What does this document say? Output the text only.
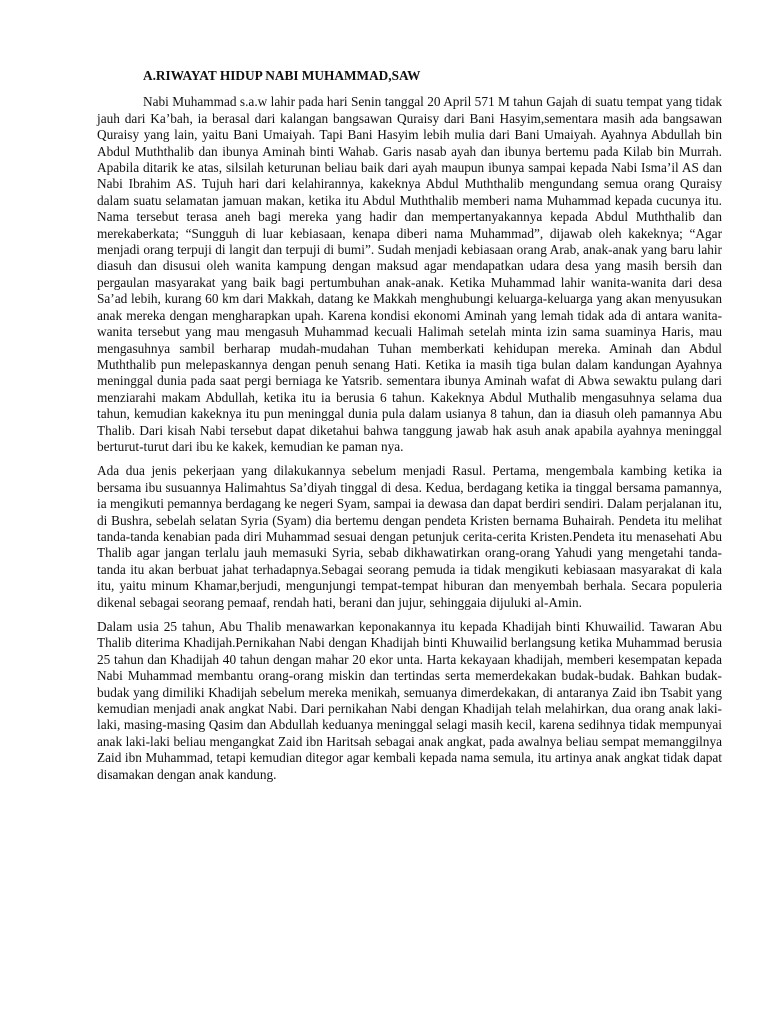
A.RIWAYAT HIDUP NABI MUHAMMAD,SAW

Nabi Muhammad s.a.w lahir pada hari Senin tanggal 20 April 571 M tahun Gajah di suatu tempat yang tidak jauh dari Ka’bah, ia berasal dari kalangan bangsawan Quraisy dari Bani Hasyim,sementara masih ada bangsawan Quraisy yang lain, yaitu Bani Umaiyah. Tapi Bani Hasyim lebih mulia dari Bani Umaiyah. Ayahnya Abdullah bin Abdul Muththalib dan ibunya Aminah binti Wahab. Garis nasab ayah dan ibunya bertemu pada Kilab bin Murrah. Apabila ditarik ke atas, silsilah keturunan beliau baik dari ayah maupun ibunya sampai kepada Nabi Isma’il AS dan Nabi Ibrahim AS. Tujuh hari dari kelahirannya, kakeknya Abdul Muththalib mengundang semua orang Quraisy dalam suatu selamatan jamuan makan, ketika itu Abdul Muththalib memberi nama Muhammad kepada cucunya itu. Nama tersebut terasa aneh bagi mereka yang hadir dan mempertanyakannya kepada Abdul Muththalib dan merekaberkata; “Sungguh di luar kebiasaan, kenapa diberi nama Muhammad”, dijawab oleh kakeknya; “Agar menjadi orang terpuji di langit dan terpuji di bumi”. Sudah menjadi kebiasaan orang Arab, anak-anak yang baru lahir diasuh dan disusui oleh wanita kampung dengan maksud agar mendapatkan udara desa yang masih bersih dan pergaulan masyarakat yang baik bagi pertumbuhan anak-anak. Ketika Muhammad lahir wanita-wanita dari desa Sa’ad lebih, kurang 60 km dari Makkah, datang ke Makkah menghubungi keluarga-keluarga yang akan menyusukan anak mereka dengan mengharapkan upah. Karena kondisi ekonomi Aminah yang lemah tidak ada di antara wanita-wanita tersebut yang mau mengasuh Muhammad kecuali Halimah setelah minta izin sama suaminya Haris, mau mengasuhnya sambil berharap mudah-mudahan Tuhan memberkati kehidupan mereka. Aminah dan Abdul Muththalib pun melepaskannya dengan penuh senang Hati. Ketika ia masih tiga bulan dalam kandungan Ayahnya meninggal dunia pada saat pergi berniaga ke Yatsrib. sementara ibunya Aminah wafat di Abwa sewaktu pulang dari menziarahi makam Abdullah, ketika itu ia berusia 6 tahun. Kakeknya Abdul Muthalib mengasuhnya selama dua tahun, kemudian kakeknya itu pun meninggal dunia pula dalam usianya 8 tahun, dan ia diasuh oleh pamannya Abu Thalib. Dari kisah Nabi tersebut dapat diketahui bahwa tanggung jawab hak asuh anak apabila ayahnya meninggal berturut-turut dari ibu ke kakek, kemudian ke paman nya.

Ada dua jenis pekerjaan yang dilakukannya sebelum menjadi Rasul. Pertama, mengembala kambing ketika ia bersama ibu susuannya Halimahtus Sa’diyah tinggal di desa. Kedua, berdagang ketika ia tinggal bersama pamannya, ia mengikuti pemannya berdagang ke negeri Syam, sampai ia dewasa dan dapat berdiri sendiri. Dalam perjalanan itu, di Bushra, sebelah selatan Syria (Syam) dia bertemu dengan pendeta Kristen bernama Buhairah. Pendeta itu melihat tanda-tanda kenabian pada diri Muhammad sesuai dengan petunjuk cerita-cerita Kristen.Pendeta itu menasehati Abu Thalib agar jangan terlalu jauh memasuki Syria, sebab dikhawatirkan orang-orang Yahudi yang mengetahi tanda-tanda itu akan berbuat jahat terhadapnya.Sebagai seorang pemuda ia tidak mengikuti kebiasaan masyarakat di kala itu, yaitu minum Khamar,berjudi, mengunjungi tempat-tempat hiburan dan menyembah berhala. Secara populeria dikenal sebagai seorang pemaaf, rendah hati, berani dan jujur, sehinggaia dijuluki al-Amin.

Dalam usia 25 tahun, Abu Thalib menawarkan keponakannya itu kepada Khadijah binti Khuwailid. Tawaran Abu Thalib diterima Khadijah.Pernikahan Nabi dengan Khadijah binti Khuwailid berlangsung ketika Muhammad berusia 25 tahun dan Khadijah 40 tahun dengan mahar 20 ekor unta. Harta kekayaan khadijah, memberi kesempatan kepada Nabi Muhammad membantu orang-orang miskin dan tertindas serta memerdekakan budak-budak. Bahkan budak-budak yang dimiliki Khadijah sebelum mereka menikah, semuanya dimerdekakan, di antaranya Zaid ibn Tsabit yang kemudian menjadi anak angkat Nabi. Dari pernikahan Nabi dengan Khadijah telah melahirkan, dua orang anak laki-laki, masing-masing Qasim dan Abdullah keduanya meninggal selagi masih kecil, karena sedihnya tidak mempunyai anak laki-laki beliau mengangkat Zaid ibn Haritsah sebagai anak angkat, pada awalnya beliau sempat memanggilnya Zaid ibn Muhammad, tetapi kemudian ditegor agar kembali kepada nama semula, itu artinya anak angkat tidak dapat disamakan dengan anak kandung.
